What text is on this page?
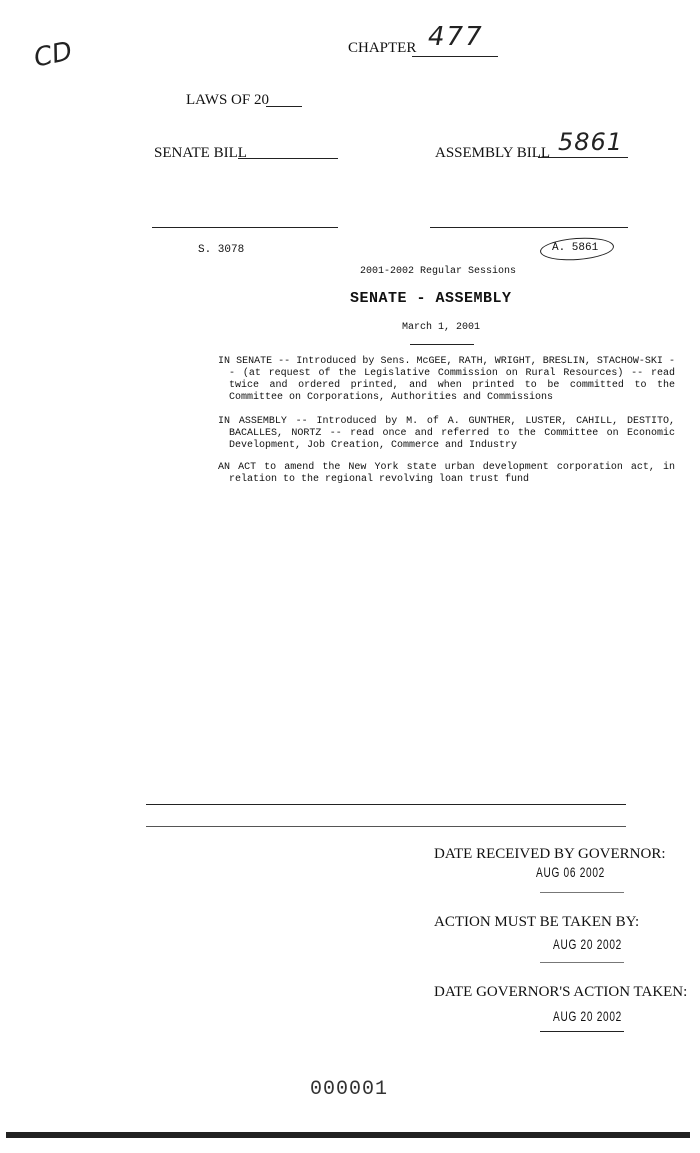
CD	CHAPTER 477
LAWS OF 20
SENATE BILL	ASSEMBLY BILL 5861
S. 3078	A. 5861
2001-2002 Regular Sessions
SENATE - ASSEMBLY
March 1, 2001
IN SENATE -- Introduced by Sens. McGEE, RATH, WRIGHT, BRESLIN, STACHOW-SKI -- (at request of the Legislative Commission on Rural Resources) -- read twice and ordered printed, and when printed to be committed to the Committee on Corporations, Authorities and Commissions
IN ASSEMBLY -- Introduced by M. of A. GUNTHER, LUSTER, CAHILL, DESTITO, BACALLES, NORTZ -- read once and referred to the Committee on Economic Development, Job Creation, Commerce and Industry
AN ACT to amend the New York state urban development corporation act, in relation to the regional revolving loan trust fund
DATE RECEIVED BY GOVERNOR:
AUG 06 2002
ACTION MUST BE TAKEN BY:
AUG 20 2002
DATE GOVERNOR'S ACTION TAKEN:
AUG 20 2002
000001
